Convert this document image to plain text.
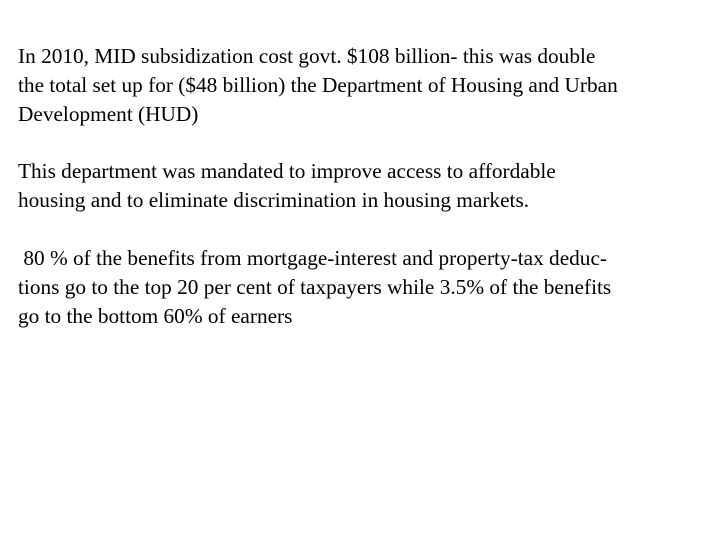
In 2010, MID subsidization cost govt. $108 billion- this was double
the total set up for ($48 billion) the Department of Housing and Urban
Development (HUD)

This department was mandated to improve access to affordable
housing and to eliminate discrimination in housing markets.

80 % of the benefits from mortgage-interest and property-tax deduc-
tions go to the top 20 per cent of taxpayers while 3.5% of the benefits
go to the bottom 60% of earners
